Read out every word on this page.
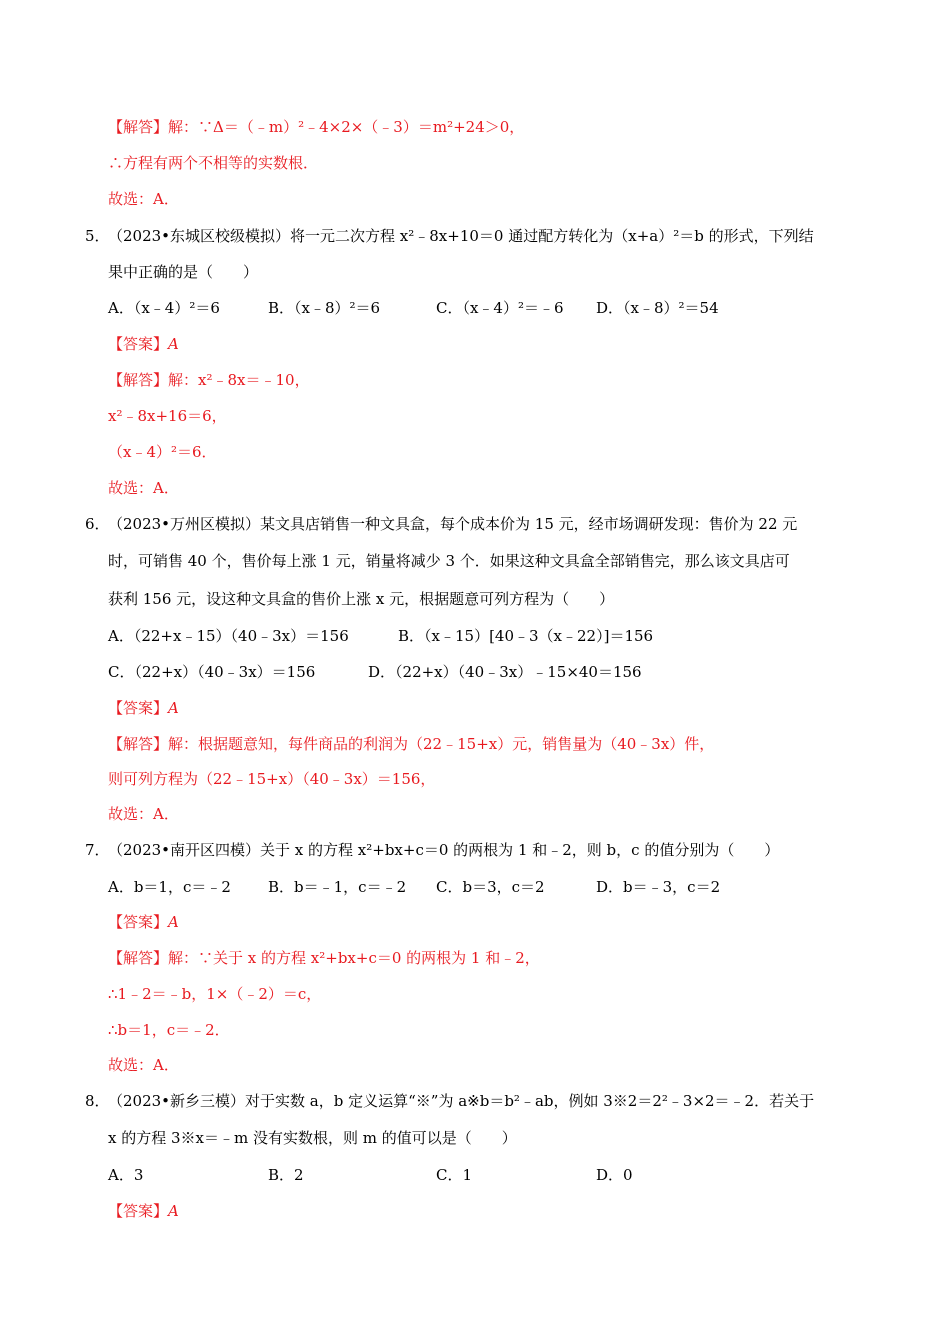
【解答】解：∵Δ＝（﹣m）²﹣4×2×（﹣3）＝m²+24＞0，
∴方程有两个不相等的实数根．
故选：A．
5．
（2023•东城区校级模拟）将一元二次方程 x²﹣8x+10＝0 通过配方转化为（x+a）²＝b 的形式，下列结
果中正确的是（　　）
A．（x﹣4）²＝6	B．（x﹣8）²＝6	C．（x﹣4）²＝﹣6 D．（x﹣8）²＝54
【答案】A
【解答】解：x²﹣8x＝﹣10，
x²﹣8x+16＝6，
（x﹣4）²＝6．
故选：A．
6．
（2023•万州区模拟）某文具店销售一种文具盒，每个成本价为 15 元，经市场调研发现：售价为 22 元
时，可销售 40 个，售价每上涨 1 元，销量将减少 3 个．如果这种文具盒全部销售完，那么该文具店可
获利 156 元，设这种文具盒的售价上涨 x 元，根据题意可列方程为（　　）
A．（22+x﹣15）（40﹣3x）＝156	B．（x﹣15）[40﹣3（x﹣22）]＝156
C．（22+x）（40﹣3x）＝156	D．（22+x）（40﹣3x）﹣15×40＝156
【答案】A
【解答】解：根据题意知，每件商品的利润为（22﹣15+x）元，销售量为（40﹣3x）件，
则可列方程为（22﹣15+x）（40﹣3x）＝156，
故选：A．
7．
（2023•南开区四模）关于 x 的方程 x²+bx+c＝0 的两根为 1 和﹣2，则 b，c 的值分别为（　　）
A．b＝1，c＝﹣2 B．b＝﹣1，c＝﹣2 C．b＝3，c＝2	D．b＝﹣3，c＝2
【答案】A
【解答】解：∵关于 x 的方程 x²+bx+c＝0 的两根为 1 和﹣2，
∴1﹣2＝﹣b，1×（﹣2）＝c，
∴b＝1，c＝﹣2．
故选：A．
8．
（2023•新乡三模）对于实数 a，b 定义运算“※”为 a※b＝b²﹣ab，例如 3※2＝2²﹣3×2＝﹣2．若关于
x 的方程 3※x＝﹣m 没有实数根，则 m 的值可以是（　　）
A．3	B．2	C．1	D．0
【答案】A
